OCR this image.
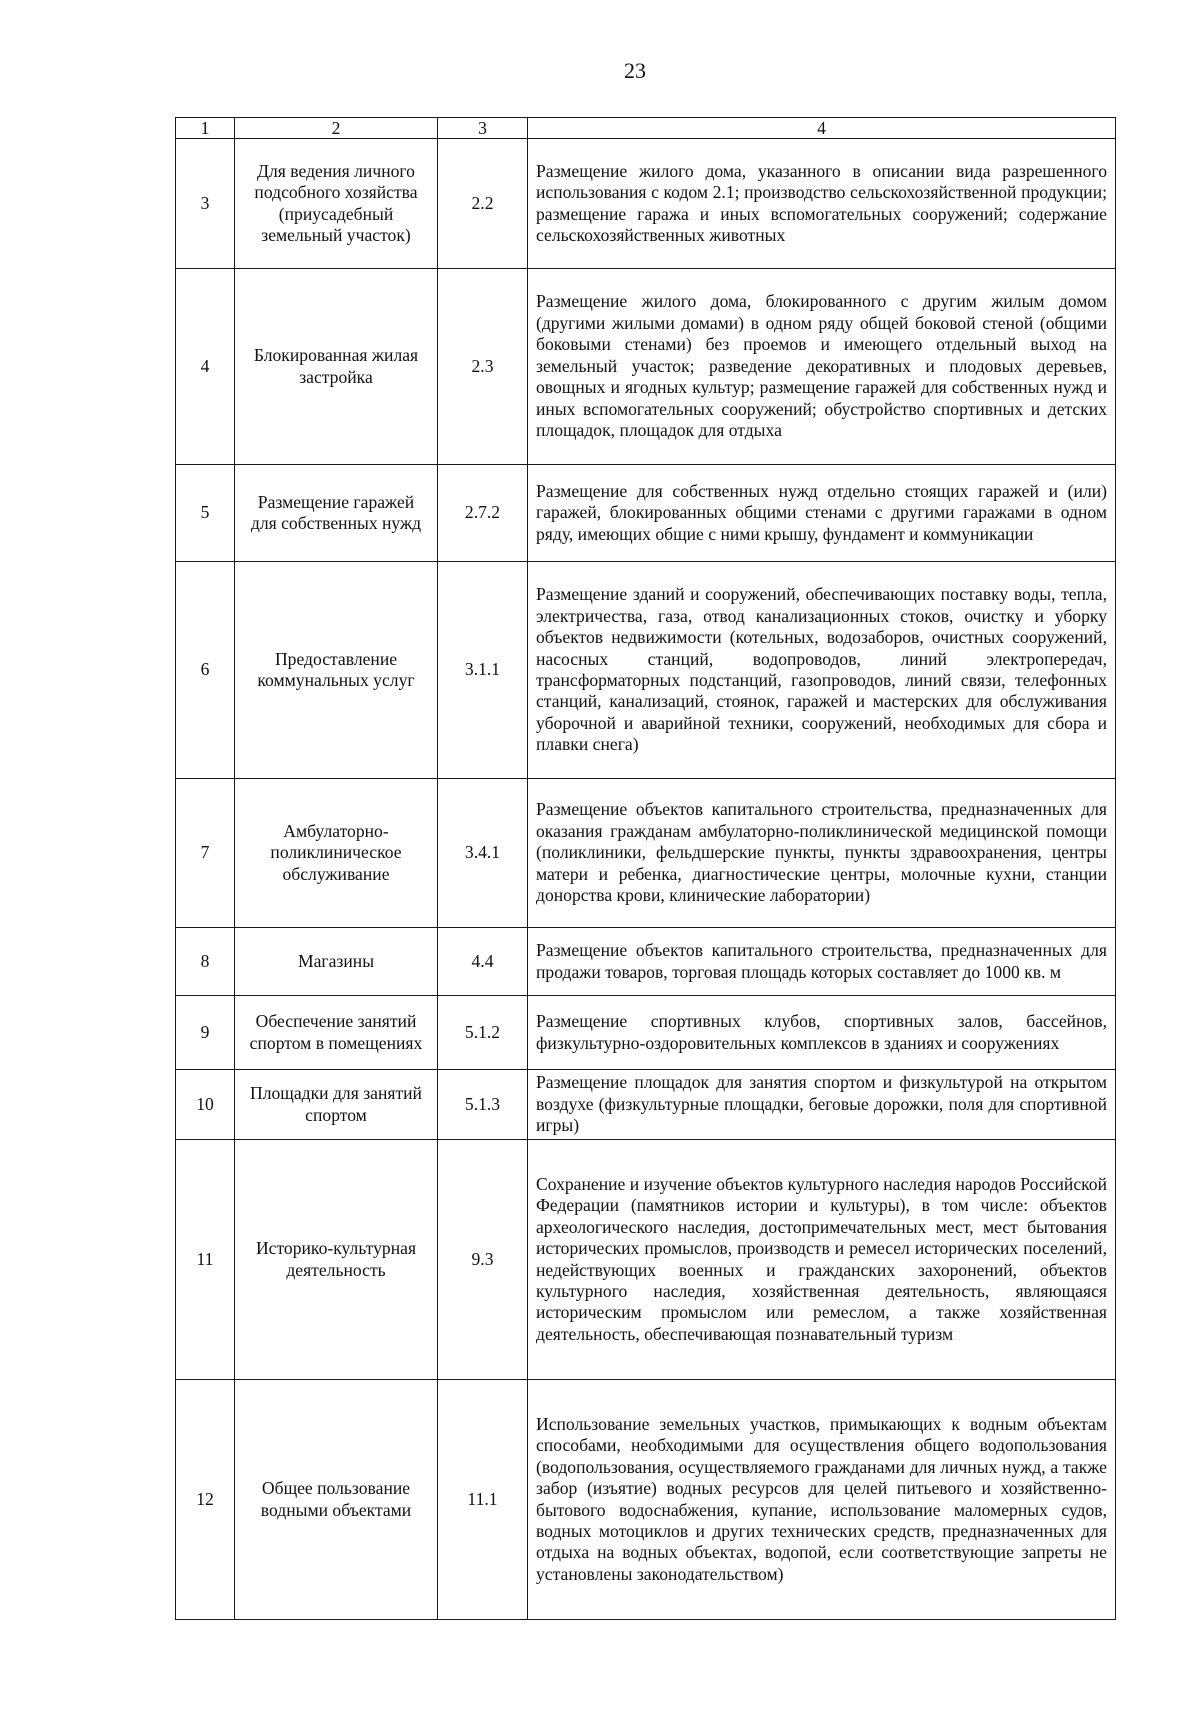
23
1	2	3	4
3	Для ведения личного подсобного хозяйства (приусадебный земельный участок)	2.2	Размещение жилого дома, указанного в описании вида разрешенного использования с кодом 2.1; производство сельскохозяйственной продукции; размещение гаража и иных вспомогательных сооружений; содержание сельскохозяйственных животных
4	Блокированная жилая застройка	2.3	Размещение жилого дома, блокированного с другим жилым домом (другими жилыми домами) в одном ряду общей боковой стеной (общими боковыми стенами) без проемов и имеющего отдельный выход на земельный участок; разведение декоративных и плодовых деревьев, овощных и ягодных культур; размещение гаражей для собственных нужд и иных вспомогательных сооружений; обустройство спортивных и детских площадок, площадок для отдыха
5	Размещение гаражей для собственных нужд	2.7.2	Размещение для собственных нужд отдельно стоящих гаражей и (или) гаражей, блокированных общими стенами с другими гаражами в одном ряду, имеющих общие с ними крышу, фундамент и коммуникации
6	Предоставление коммунальных услуг	3.1.1	Размещение зданий и сооружений, обеспечивающих поставку воды, тепла, электричества, газа, отвод канализационных стоков, очистку и уборку объектов недвижимости (котельных, водозаборов, очистных сооружений, насосных станций, водопроводов, линий электропередач, трансформаторных подстанций, газопроводов, линий связи, телефонных станций, канализаций, стоянок, гаражей и мастерских для обслуживания уборочной и аварийной техники, сооружений, необходимых для сбора и плавки снега)
7	Амбулаторно-поликлиническое обслуживание	3.4.1	Размещение объектов капитального строительства, предназначенных для оказания гражданам амбулаторно-поликлинической медицинской помощи (поликлиники, фельдшерские пункты, пункты здравоохранения, центры матери и ребенка, диагностические центры, молочные кухни, станции донорства крови, клинические лаборатории)
8	Магазины	4.4	Размещение объектов капитального строительства, предназначенных для продажи товаров, торговая площадь которых составляет до 1000 кв. м
9	Обеспечение занятий спортом в помещениях	5.1.2	Размещение спортивных клубов, спортивных залов, бассейнов, физкультурно-оздоровительных комплексов в зданиях и сооружениях
10	Площадки для занятий спортом	5.1.3	Размещение площадок для занятия спортом и физкультурой на открытом воздухе (физкультурные площадки, беговые дорожки, поля для спортивной игры)
11	Историко-культурная деятельность	9.3	Сохранение и изучение объектов культурного наследия народов Российской Федерации (памятников истории и культуры), в том числе: объектов археологического наследия, достопримечательных мест, мест бытования исторических промыслов, производств и ремесел исторических поселений, недействующих военных и гражданских захоронений, объектов культурного наследия, хозяйственная деятельность, являющаяся историческим промыслом или ремеслом, а также хозяйственная деятельность, обеспечивающая познавательный туризм
12	Общее пользование водными объектами	11.1	Использование земельных участков, примыкающих к водным объектам способами, необходимыми для осуществления общего водопользования (водопользования, осуществляемого гражданами для личных нужд, а также забор (изъятие) водных ресурсов для целей питьевого и хозяйственно-бытового водоснабжения, купание, использование маломерных судов, водных мотоциклов и других технических средств, предназначенных для отдыха на водных объектах, водопой, если соответствующие запреты не установлены законодательством)
